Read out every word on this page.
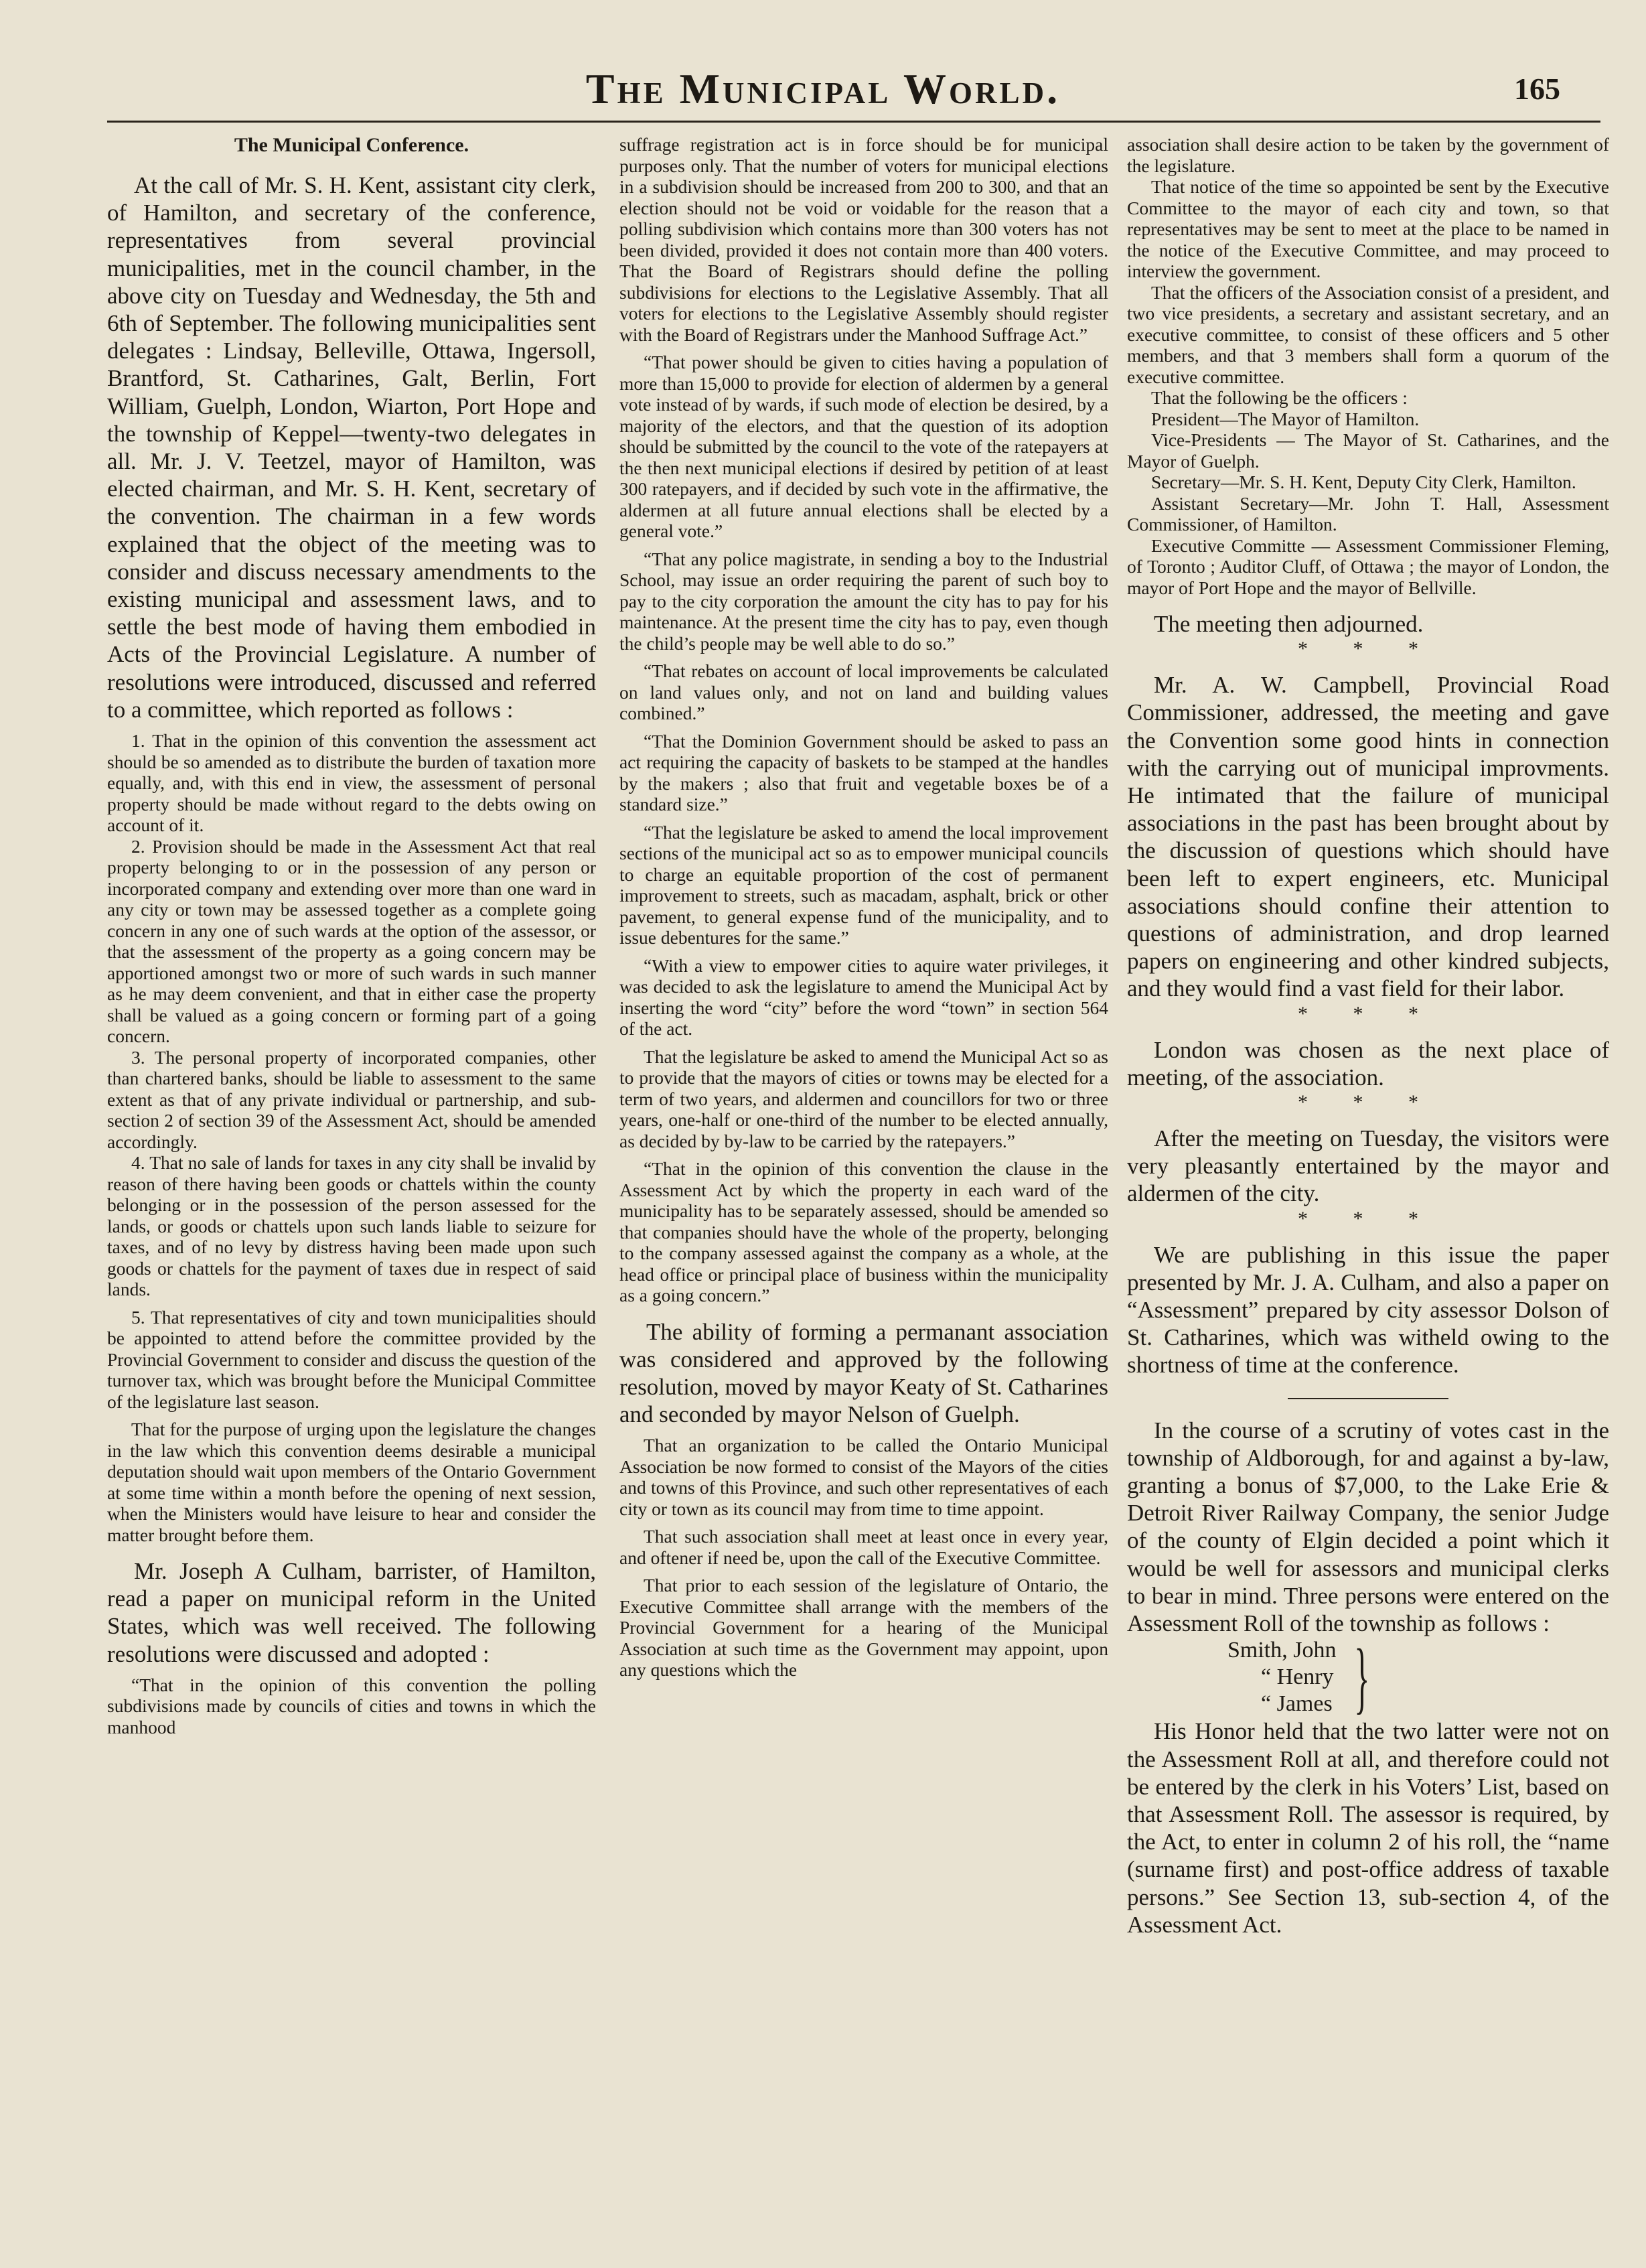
The Municipal World.	165
The Municipal Conference.

At the call of Mr. S. H. Kent, assistant city clerk, of Hamilton, and secretary of the conference, representatives from several provincial municipalities, met in the council chamber, in the above city on Tuesday and Wednesday, the 5th and 6th of September. The following municipalities sent delegates : Lindsay, Belleville, Ottawa, Ingersoll, Brantford, St. Catharines, Galt, Berlin, Fort William, Guelph, London, Wiarton, Port Hope and the township of Keppel—twenty-two delegates in all. Mr. J. V. Teetzel, mayor of Hamilton, was elected chairman, and Mr. S. H. Kent, secretary of the convention. The chairman in a few words explained that the object of the meeting was to consider and discuss necessary amendments to the existing municipal and assessment laws, and to settle the best mode of having them embodied in Acts of the Provincial Legislature. A number of resolutions were introduced, discussed and referred to a committee, which reported as follows :

1. That in the opinion of this convention the assessment act should be so amended as to distribute the burden of taxation more equally, and, with this end in view, the assessment of personal property should be made without regard to the debts owing on account of it.

2. Provision should be made in the Assessment Act that real property belonging to or in the possession of any person or incorporated company and extending over more than one ward in any city or town may be assessed together as a complete going concern in any one of such wards at the option of the assessor, or that the assessment of the property as a going concern may be apportioned amongst two or more of such wards in such manner as he may deem convenient, and that in either case the property shall be valued as a going concern or forming part of a going concern.

3. The personal property of incorporated companies, other than chartered banks, should be liable to assessment to the same extent as that of any private individual or partnership, and sub-section 2 of section 39 of the Assessment Act, should be amended accordingly.

4. That no sale of lands for taxes in any city shall be invalid by reason of there having been goods or chattels within the county belonging or in the possession of the person assessed for the lands, or goods or chattels upon such lands liable to seizure for taxes, and of no levy by distress having been made upon such goods or chattels for the payment of taxes due in respect of said lands.

5. That representatives of city and town municipalities should be appointed to attend before the committee provided by the Provincial Government to consider and discuss the question of the turnover tax, which was brought before the Municipal Committee of the legislature last season.

That for the purpose of urging upon the legislature the changes in the law which this convention deems desirable a municipal deputation should wait upon members of the Ontario Government at some time within a month before the opening of next session, when the Ministers would have leisure to hear and consider the matter brought before them.

Mr. Joseph A Culham, barrister, of Hamilton, read a paper on municipal reform in the United States, which was well received. The following resolutions were discussed and adopted :

“That in the opinion of this convention the polling subdivisions made by councils of cities and towns in which the manhood

suffrage registration act is in force should be for municipal purposes only. That the number of voters for municipal elections in a subdivision should be increased from 200 to 300, and that an election should not be void or voidable for the reason that a polling subdivision which contains more than 300 voters has not been divided, provided it does not contain more than 400 voters. That the Board of Registrars should define the polling subdivisions for elections to the Legislative Assembly. That all voters for elections to the Legislative Assembly should register with the Board of Registrars under the Manhood Suffrage Act.”

“That power should be given to cities having a population of more than 15,000 to provide for election of aldermen by a general vote instead of by wards, if such mode of election be desired, by a majority of the electors, and that the question of its adoption should be submitted by the council to the vote of the ratepayers at the then next municipal elections if desired by petition of at least 300 ratepayers, and if decided by such vote in the affirmative, the aldermen at all future annual elections shall be elected by a general vote.”

“That any police magistrate, in sending a boy to the Industrial School, may issue an order requiring the parent of such boy to pay to the city corporation the amount the city has to pay for his maintenance. At the present time the city has to pay, even though the child’s people may be well able to do so.”

“That rebates on account of local improvements be calculated on land values only, and not on land and building values combined.”

“That the Dominion Government should be asked to pass an act requiring the capacity of baskets to be stamped at the handles by the makers ; also that fruit and vegetable boxes be of a standard size.”

“That the legislature be asked to amend the local improvement sections of the municipal act so as to empower municipal councils to charge an equitable proportion of the cost of permanent improvement to streets, such as macadam, asphalt, brick or other pavement, to general expense fund of the municipality, and to issue debentures for the same.”

“With a view to empower cities to aquire water privileges, it was decided to ask the legislature to amend the Municipal Act by inserting the word “city” before the word “town” in section 564 of the act.

That the legislature be asked to amend the Municipal Act so as to provide that the mayors of cities or towns may be elected for a term of two years, and aldermen and councillors for two or three years, one-half or one-third of the number to be elected annually, as decided by by-law to be carried by the ratepayers.”

“That in the opinion of this convention the clause in the Assessment Act by which the property in each ward of the municipality has to be separately assessed, should be amended so that companies should have the whole of the property, belonging to the company assessed against the company as a whole, at the head office or principal place of business within the municipality as a going concern.”

The ability of forming a permanant association was considered and approved by the following resolution, moved by mayor Keaty of St. Catharines and seconded by mayor Nelson of Guelph.

That an organization to be called the Ontario Municipal Association be now formed to consist of the Mayors of the cities and towns of this Province, and such other representatives of each city or town as its council may from time to time appoint.

That such association shall meet at least once in every year, and oftener if need be, upon the call of the Executive Committee.

That prior to each session of the legislature of Ontario, the Executive Committee shall arrange with the members of the Provincial Government for a hearing of the Municipal Association at such time as the Government may appoint, upon any questions which the

association shall desire action to be taken by the government of the legislature.

That notice of the time so appointed be sent by the Executive Committee to the mayor of each city and town, so that representatives may be sent to meet at the place to be named in the notice of the Executive Committee, and may proceed to interview the government.

That the officers of the Association consist of a president, and two vice presidents, a secretary and assistant secretary, and an executive committee, to consist of these officers and 5 other members, and that 3 members shall form a quorum of the executive committee.

That the following be the officers :

President—The Mayor of Hamilton.

Vice-Presidents — The Mayor of St. Catharines, and the Mayor of Guelph.

Secretary—Mr. S. H. Kent, Deputy City Clerk, Hamilton.

Assistant Secretary—Mr. John T. Hall, Assessment Commissioner, of Hamilton.

Executive Committe — Assessment Commissioner Fleming, of Toronto ; Auditor Cluff, of Ottawa ; the mayor of London, the mayor of Port Hope and the mayor of Bellville.

The meeting then adjourned.

* * *

Mr. A. W. Campbell, Provincial Road Commissioner, addressed, the meeting and gave the Convention some good hints in connection with the carrying out of municipal improvments. He intimated that the failure of municipal associations in the past has been brought about by the discussion of questions which should have been left to expert engineers, etc. Municipal associations should confine their attention to questions of administration, and drop learned papers on engineering and other kindred subjects, and they would find a vast field for their labor.

* * *

London was chosen as the next place of meeting, of the association.

* * *

After the meeting on Tuesday, the visitors were very pleasantly entertained by the mayor and aldermen of the city.

* * *

We are publishing in this issue the paper presented by Mr. J. A. Culham, and also a paper on “Assessment” prepared by city assessor Dolson of St. Catharines, which was witheld owing to the shortness of time at the conference.

In the course of a scrutiny of votes cast in the township of Aldborough, for and against a by-law, granting a bonus of $7,000, to the Lake Erie & Detroit River Railway Company, the senior Judge of the county of Elgin decided a point which it would be well for assessors and municipal clerks to bear in mind. Three persons were entered on the Assessment Roll of the township as follows :

Smith, John
“ Henry
“ James }

His Honor held that the two latter were not on the Assessment Roll at all, and therefore could not be entered by the clerk in his Voters’ List, based on that Assessment Roll. The assessor is required, by the Act, to enter in column 2 of his roll, the “name (surname first) and post-office address of taxable persons.” See Section 13, sub-section 4, of the Assessment Act.
